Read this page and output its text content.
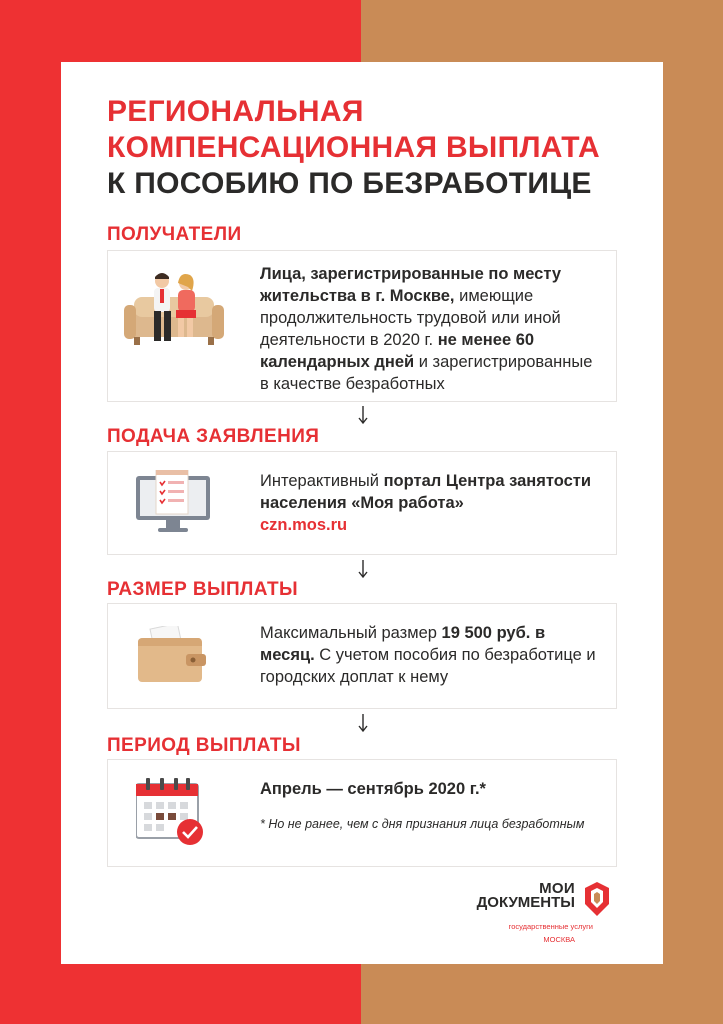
РЕГИОНАЛЬНАЯ
КОМПЕНСАЦИОННАЯ ВЫПЛАТА
К ПОСОБИЮ ПО БЕЗРАБОТИЦЕ
ПОЛУЧАТЕЛИ
Лица, зарегистрированные по месту жительства в г. Москве, имеющие продолжительность трудовой или иной деятельности в 2020 г. не менее 60 календарных дней и зарегистрированные в качестве безработных
ПОДАЧА ЗАЯВЛЕНИЯ
Интерактивный портал Центра занятости населения «Моя работа»
czn.mos.ru
РАЗМЕР ВЫПЛАТЫ
Максимальный размер 19 500 руб. в месяц. С учетом пособия по безработице и городских доплат к нему
ПЕРИОД ВЫПЛАТЫ
Апрель — сентябрь 2020 г.*
* Но не ранее, чем с дня признания лица безработным
МОИ
ДОКУМЕНТЫ
государственные услуги
МОСКВА
